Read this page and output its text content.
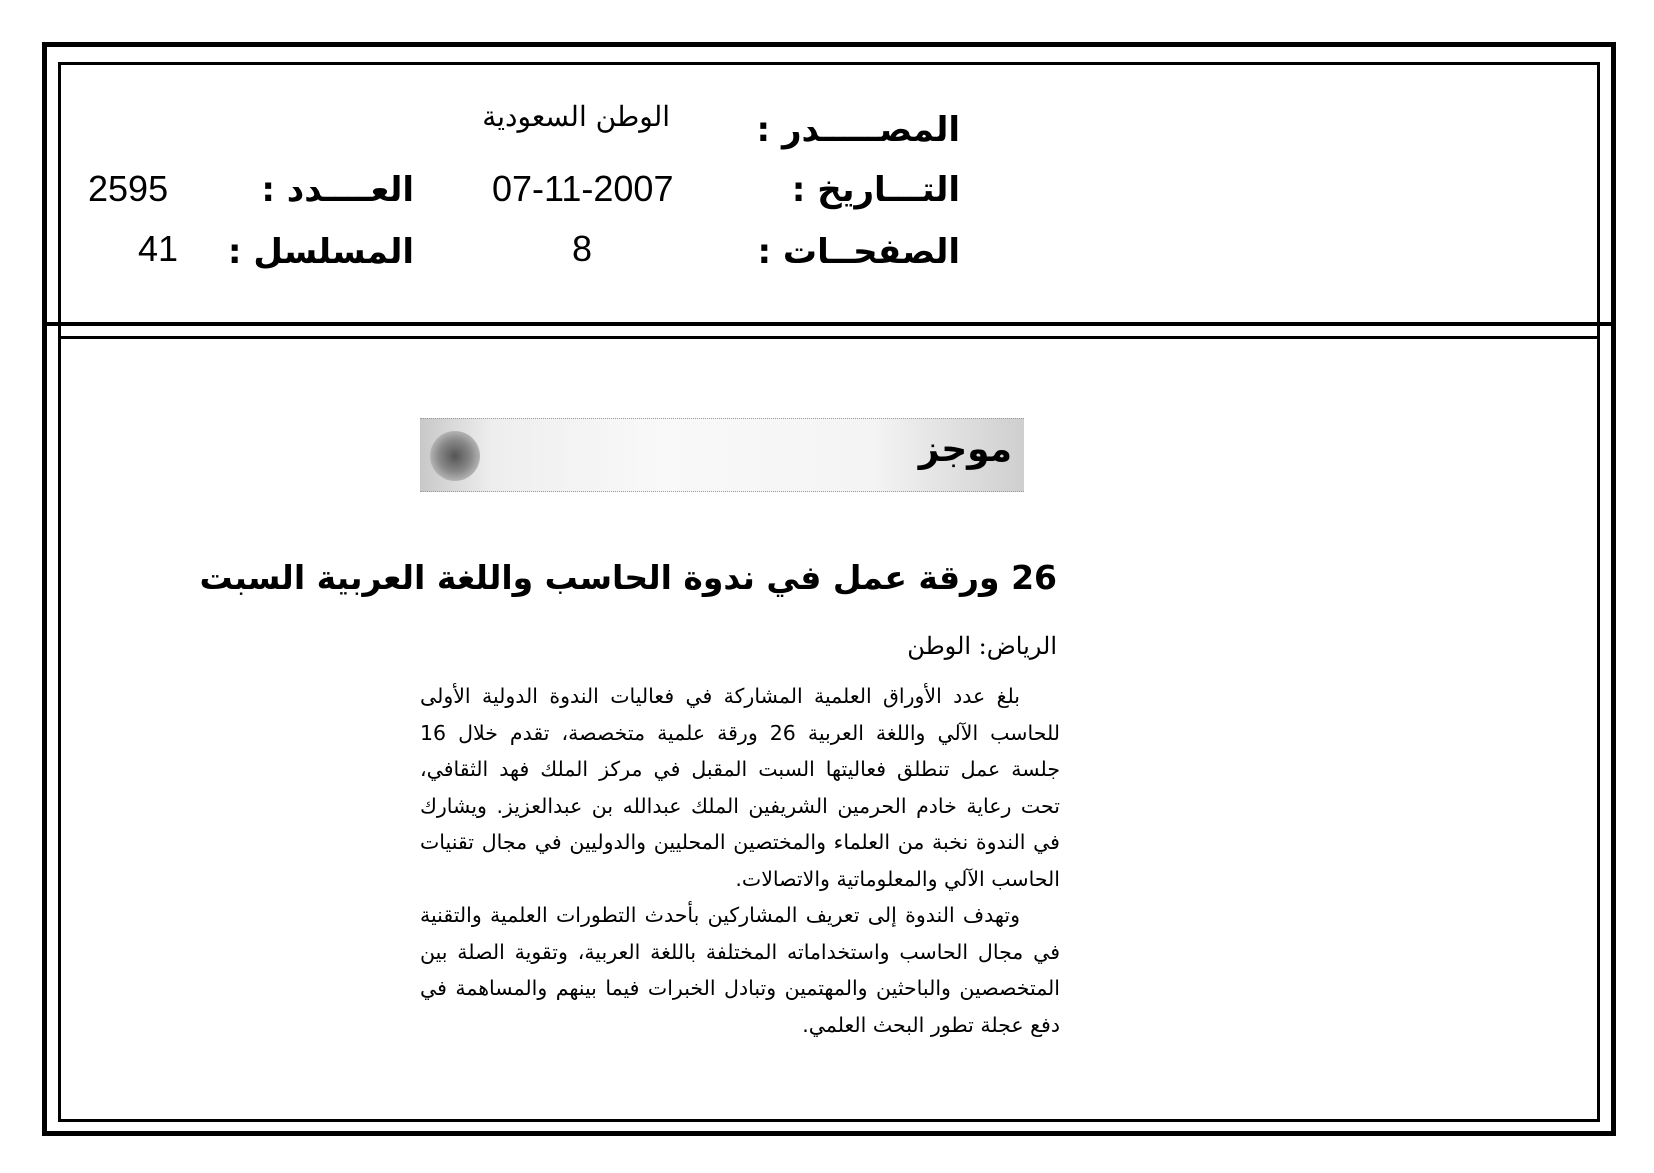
المصـــــدر :
الوطن السعودية
التـــاريخ :
07-11-2007
العــــدد :
2595
الصفحــات :
8
المسلسل :
41
موجز
26 ورقة عمل في ندوة الحاسب واللغة العربية السبت
الرياض: الوطن

بلغ عدد الأوراق العلمية المشاركة في فعاليات الندوة الدولية الأولى للحاسب الآلي واللغة العربية 26 ورقة علمية متخصصة، تقدم خلال 16 جلسة عمل تنطلق فعاليتها السبت المقبل في مركز الملك فهد الثقافي، تحت رعاية خادم الحرمين الشريفين الملك عبدالله بن عبدالعزيز. ويشارك في الندوة نخبة من العلماء والمختصين المحليين والدوليين في مجال تقنيات الحاسب الآلي والمعلوماتية والاتصالات.

وتهدف الندوة إلى تعريف المشاركين بأحدث التطورات العلمية والتقنية في مجال الحاسب واستخداماته المختلفة باللغة العربية، وتقوية الصلة بين المتخصصين والباحثين والمهتمين وتبادل الخبرات فيما بينهم والمساهمة في دفع عجلة تطور البحث العلمي.
